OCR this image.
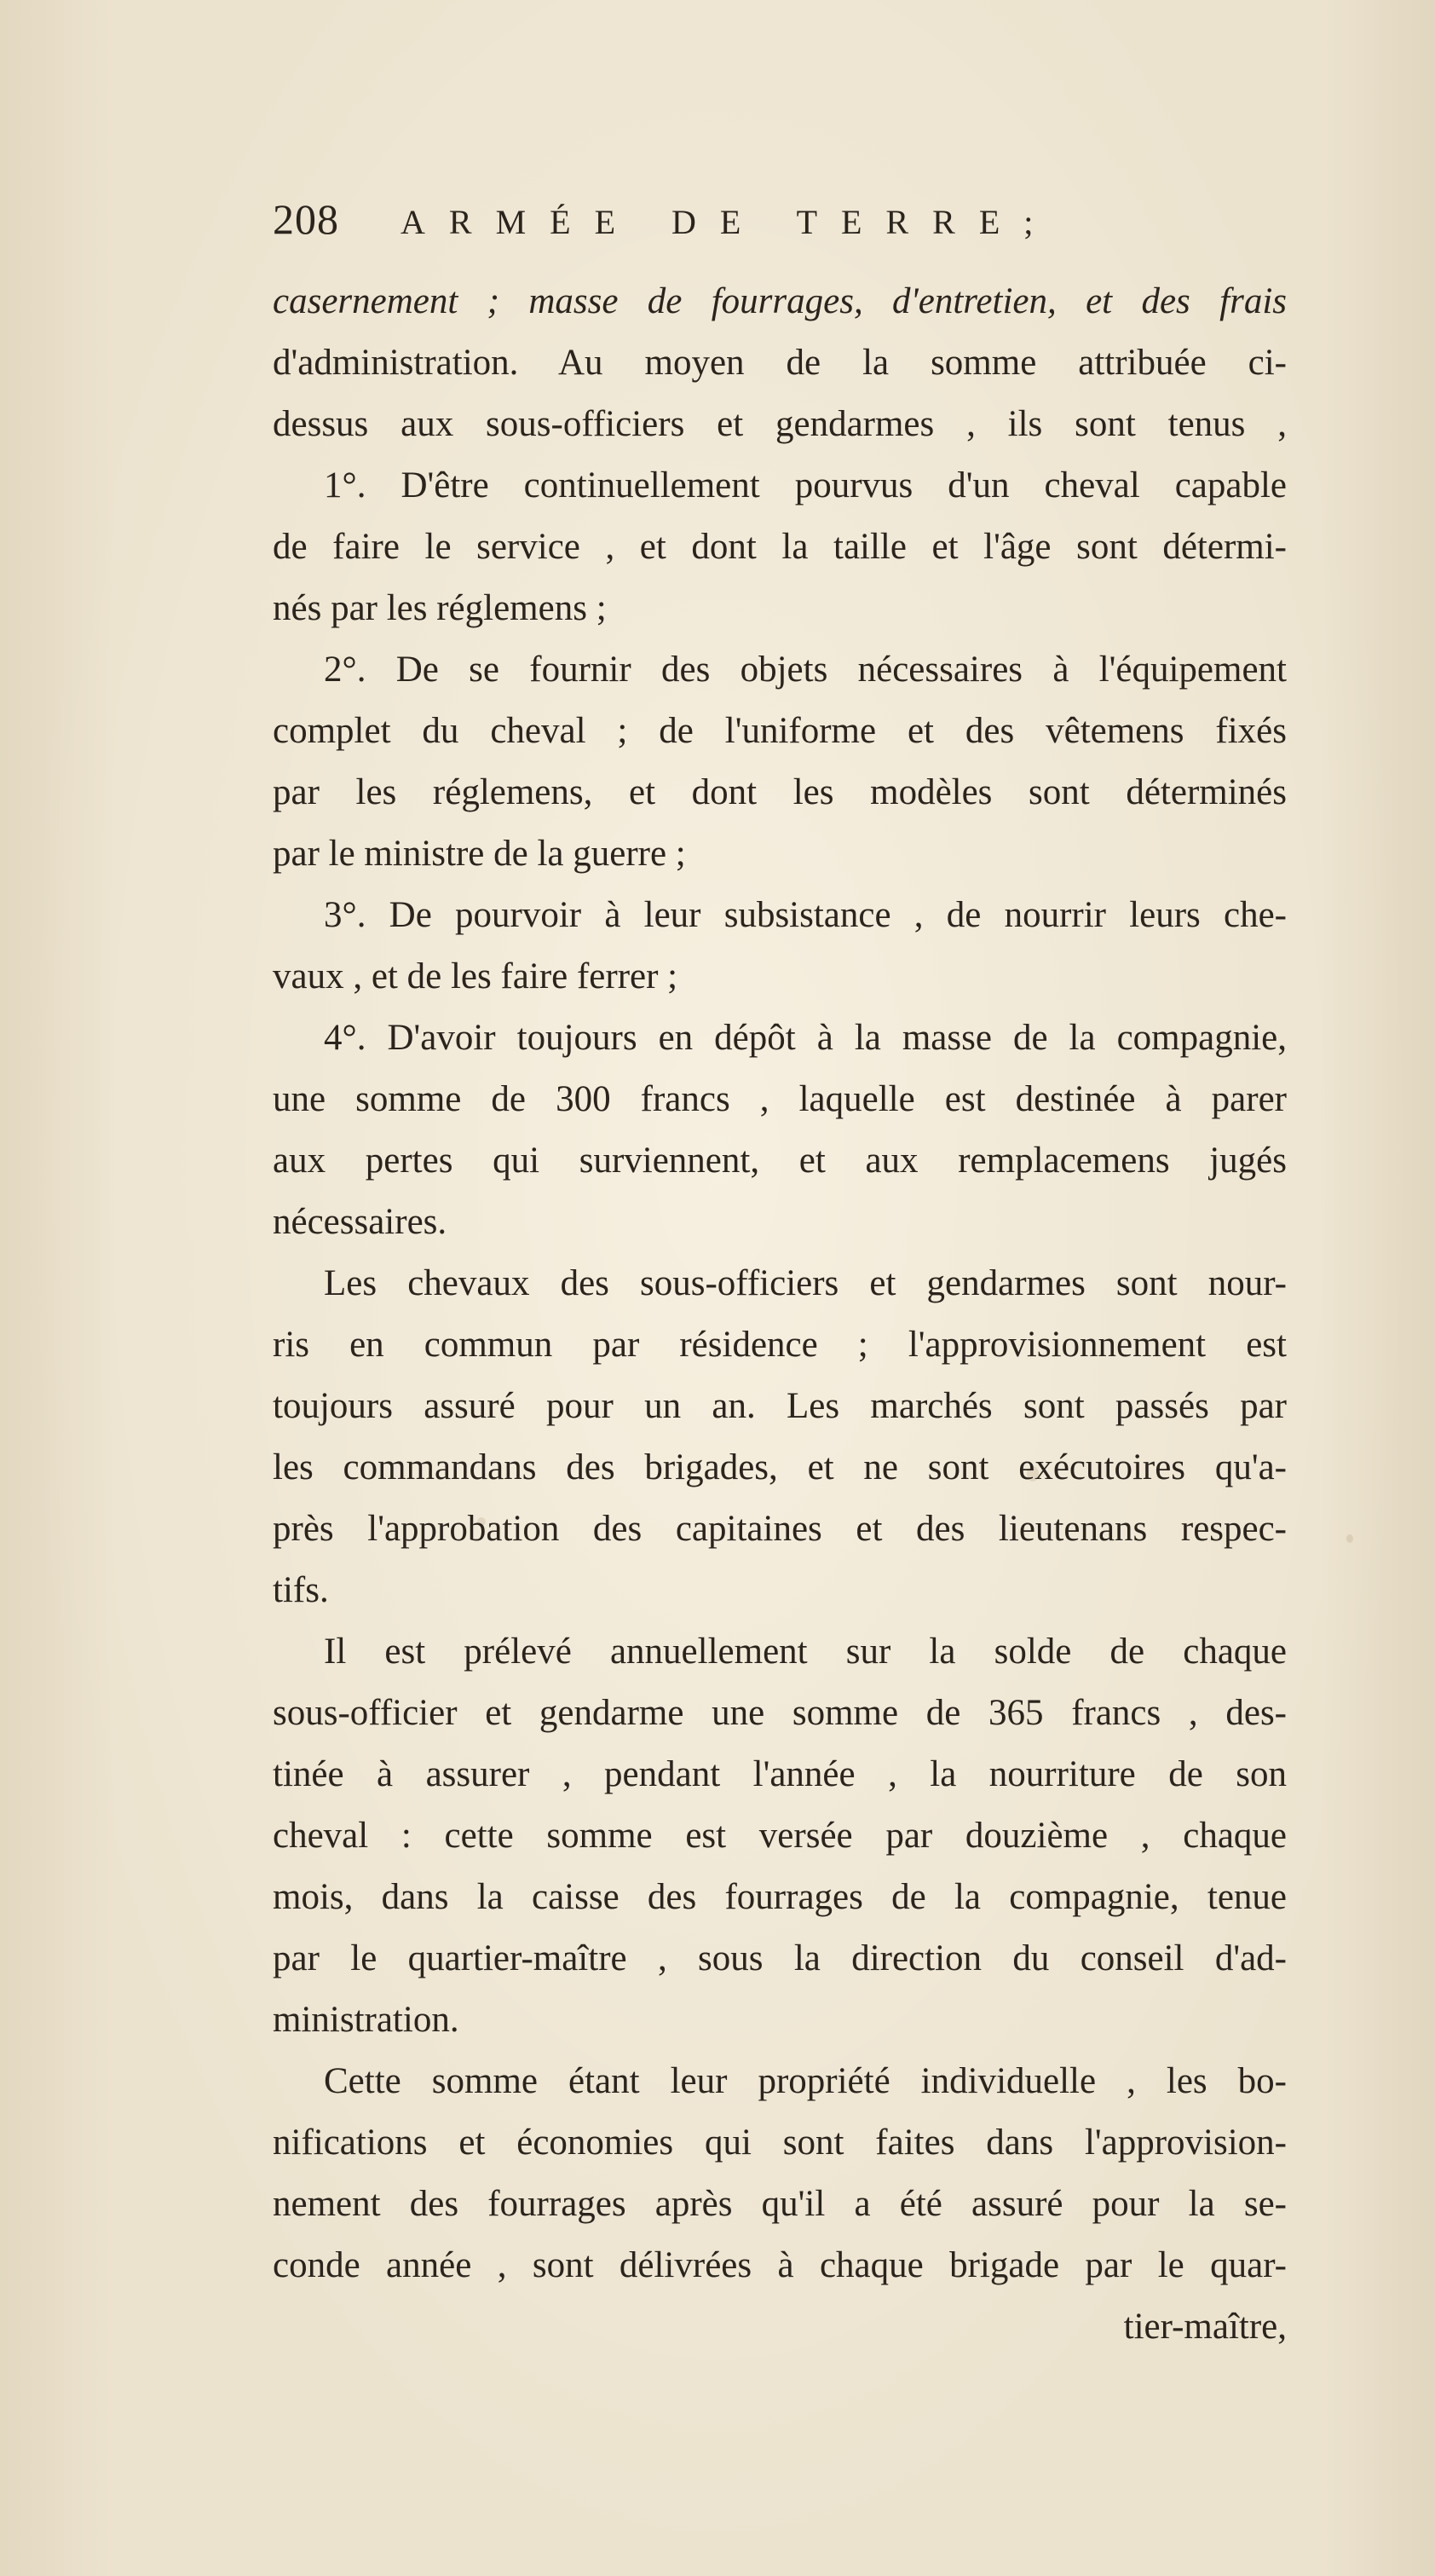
208	ARMÉE DE TERRE;
casernement ; masse de fourrages, d'entretien, et des frais
d'administration. Au moyen de la somme attribuée ci-
dessus aux sous-officiers et gendarmes , ils sont tenus ,
1°. D'être continuellement pourvus d'un cheval capable
de faire le service , et dont la taille et l'âge sont détermi-
nés par les réglemens ;
2°. De se fournir des objets nécessaires à l'équipement
complet du cheval ; de l'uniforme et des vêtemens fixés
par les réglemens, et dont les modèles sont déterminés
par le ministre de la guerre ;
3°. De pourvoir à leur subsistance , de nourrir leurs che-
vaux , et de les faire ferrer ;
4°. D'avoir toujours en dépôt à la masse de la compagnie,
une somme de 300 francs , laquelle est destinée à parer
aux pertes qui surviennent, et aux remplacemens jugés
nécessaires.
Les chevaux des sous-officiers et gendarmes sont nour-
ris en commun par résidence ; l'approvisionnement est
toujours assuré pour un an. Les marchés sont passés par
les commandans des brigades, et ne sont exécutoires qu'a-
près l'approbation des capitaines et des lieutenans respec-
tifs.
Il est prélevé annuellement sur la solde de chaque
sous-officier et gendarme une somme de 365 francs , des-
tinée à assurer , pendant l'année , la nourriture de son
cheval : cette somme est versée par douzième , chaque
mois, dans la caisse des fourrages de la compagnie, tenue
par le quartier-maître , sous la direction du conseil d'ad-
ministration.
Cette somme étant leur propriété individuelle , les bo-
nifications et économies qui sont faites dans l'approvision-
nement des fourrages après qu'il a été assuré pour la se-
conde année , sont délivrées à chaque brigade par le quar-
tier-maître,
